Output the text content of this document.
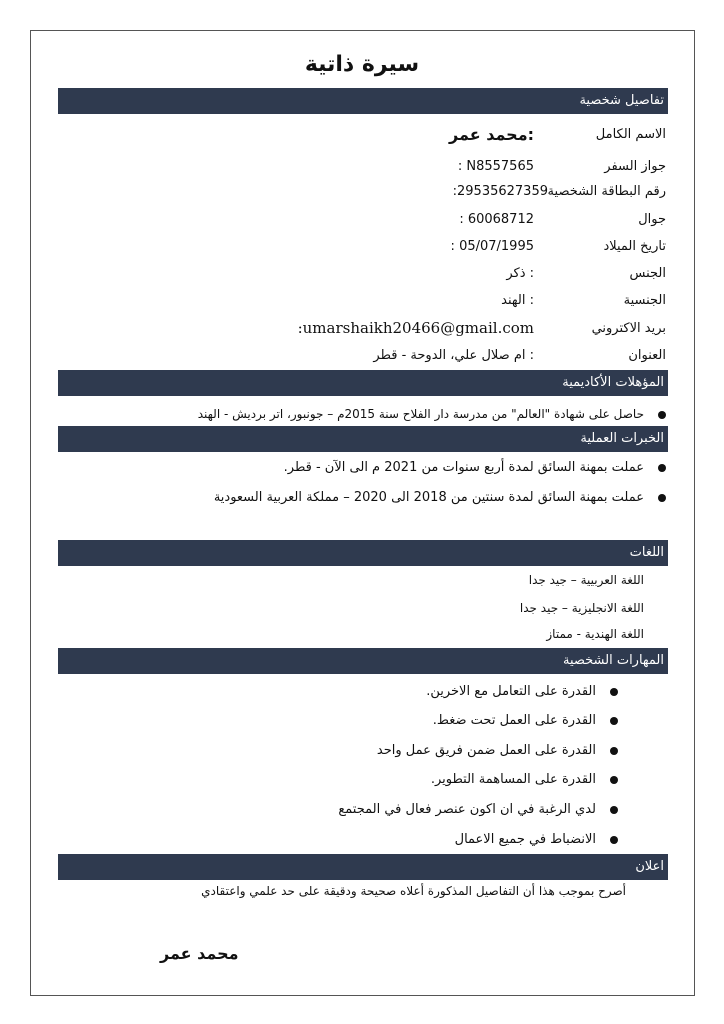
سيرة ذاتية
تفاصيل شخصية
الاسم الكامل
:محمد عمر
جواز السفر
N8557565 :
رقم البطاقة الشخصية
29535627359:
جوال
60068712 :
تاريخ الميلاد
05/07/1995 :
الجنس
: ذكر
الجنسية
: الهند
بريد الاكتروني
umarshaikh20466@gmail.com:
العنوان
: ام صلال علي، الدوحة - قطر
المؤهلات الأكاديمية
حاصل على شهادة "العالم" من مدرسة دار الفلاح سنة 2015م – جونبور، اتر برديش - الهند
الخبرات العملية
عملت بمهنة السائق لمدة أربع سنوات من 2021 م الى الآن - قطر.
عملت بمهنة السائق لمدة سنتين من 2018 الى 2020 – مملكة العربية السعودية
اللغات
اللغة العربيية – جيد جدا
اللغة الانجليزية – جيد جدا
اللغة الهندية - ممتاز
المهارات الشخصية
القدرة على التعامل مع الاخرين.
القدرة على العمل تحت ضغط.
القدرة على العمل ضمن فريق عمل واحد
القدرة على المساهمة التطوير.
لدي الرغبة في ان اكون عنصر فعال في المجتمع
الانضباط في جميع الاعمال
اعلان
أصرح بموجب هذا أن التفاصيل المذكورة أعلاه صحيحة ودقيقة على حد علمي واعتقادي
محمد عمر
